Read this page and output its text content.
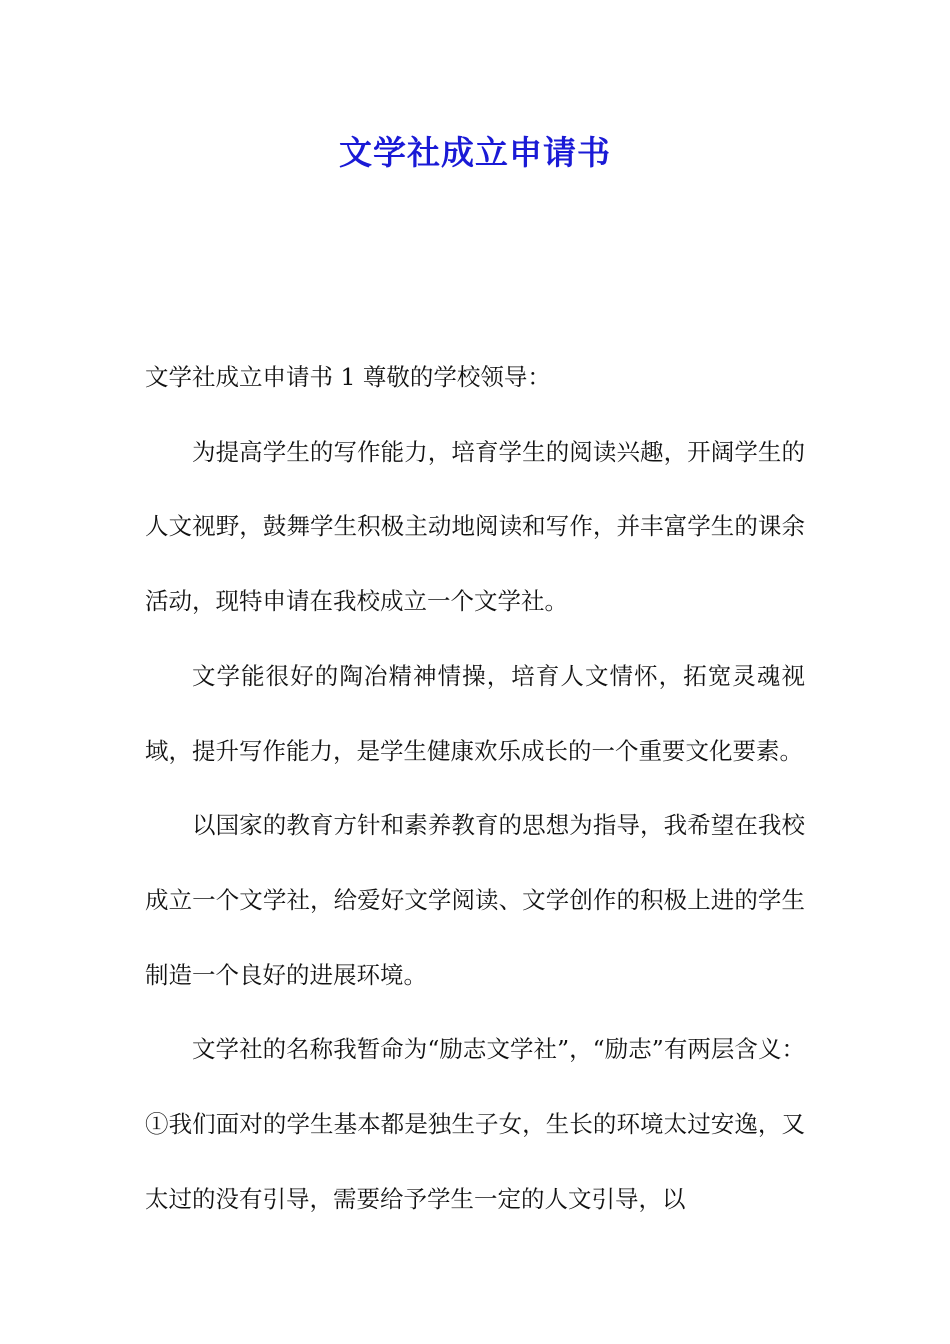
文学社成立申请书

文学社成立申请书 1 尊敬的学校领导：

为提高学生的写作能力，培育学生的阅读兴趣，开阔学生的人文视野，鼓舞学生积极主动地阅读和写作，并丰富学生的课余活动，现特申请在我校成立一个文学社。

文学能很好的陶冶精神情操，培育人文情怀，拓宽灵魂视域，提升写作能力，是学生健康欢乐成长的一个重要文化要素。

以国家的教育方针和素养教育的思想为指导，我希望在我校成立一个文学社，给爱好文学阅读、文学创作的积极上进的学生制造一个良好的进展环境。

文学社的名称我暂命为“励志文学社”，“励志”有两层含义：①我们面对的学生基本都是独生子女，生长的环境太过安逸，又太过的没有引导，需要给予学生一定的人文引导，以
